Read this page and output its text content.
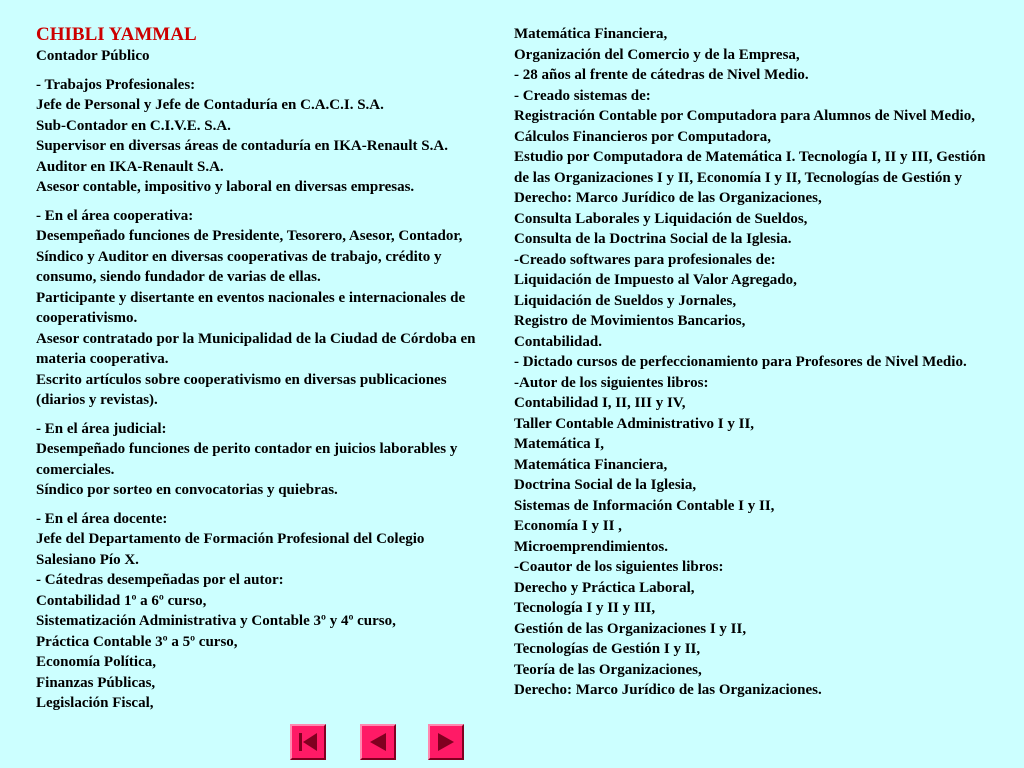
CHIBLI YAMMAL
Contador Público
- Trabajos Profesionales:
Jefe de Personal y Jefe de Contaduría en C.A.C.I. S.A.
Sub-Contador en C.I.V.E. S.A.
Supervisor en diversas áreas de contaduría en IKA-Renault S.A.
Auditor en IKA-Renault S.A.
Asesor contable, impositivo y laboral en diversas empresas.
- En el área cooperativa:
Desempeñado funciones de Presidente, Tesorero, Asesor, Contador, Síndico y Auditor en diversas cooperativas de trabajo, crédito y consumo, siendo fundador de varias de ellas.
Participante y disertante en eventos nacionales e internacionales de cooperativismo.
Asesor contratado por la Municipalidad de la Ciudad de Córdoba en materia cooperativa.
Escrito artículos sobre cooperativismo en diversas publicaciones (diarios y revistas).
- En el área judicial:
Desempeñado funciones de perito contador en juicios laborables y comerciales.
Síndico por sorteo en convocatorias y quiebras.
- En el área docente:
Jefe del Departamento de Formación Profesional del Colegio Salesiano Pío X.
- Cátedras desempeñadas por el autor:
Contabilidad 1º a 6º curso,
Sistematización Administrativa y Contable 3º y 4º curso,
Práctica Contable 3º a 5º curso,
Economía Política,
Finanzas Públicas,
Legislación Fiscal,
Matemática Financiera,
Organización del Comercio y de la Empresa,
- 28 años al frente de cátedras de Nivel Medio.
- Creado sistemas de:
Registración Contable por Computadora para Alumnos de Nivel Medio,
Cálculos Financieros por Computadora,
Estudio por Computadora de Matemática I. Tecnología I, II y III, Gestión de las Organizaciones I y II, Economía I y II, Tecnologías de Gestión y Derecho: Marco Jurídico de las Organizaciones,
Consulta Laborales y Liquidación de Sueldos,
Consulta de la Doctrina Social de la Iglesia.
-Creado softwares para profesionales de:
Liquidación de Impuesto al Valor Agregado,
Liquidación de Sueldos y Jornales,
Registro de Movimientos Bancarios,
Contabilidad.
- Dictado cursos de perfeccionamiento para Profesores de Nivel Medio.
-Autor de los siguientes libros:
Contabilidad I, II, III y IV,
Taller Contable Administrativo I y II,
Matemática I,
Matemática Financiera,
Doctrina Social de la Iglesia,
Sistemas de Información Contable I y II,
Economía I y II ,
Microemprendimientos.
-Coautor de los siguientes libros:
Derecho y Práctica Laboral,
Tecnología I y II y III,
Gestión de las Organizaciones I y II,
Tecnologías de Gestión I y II,
Teoría de las Organizaciones,
Derecho: Marco Jurídico de las Organizaciones.
